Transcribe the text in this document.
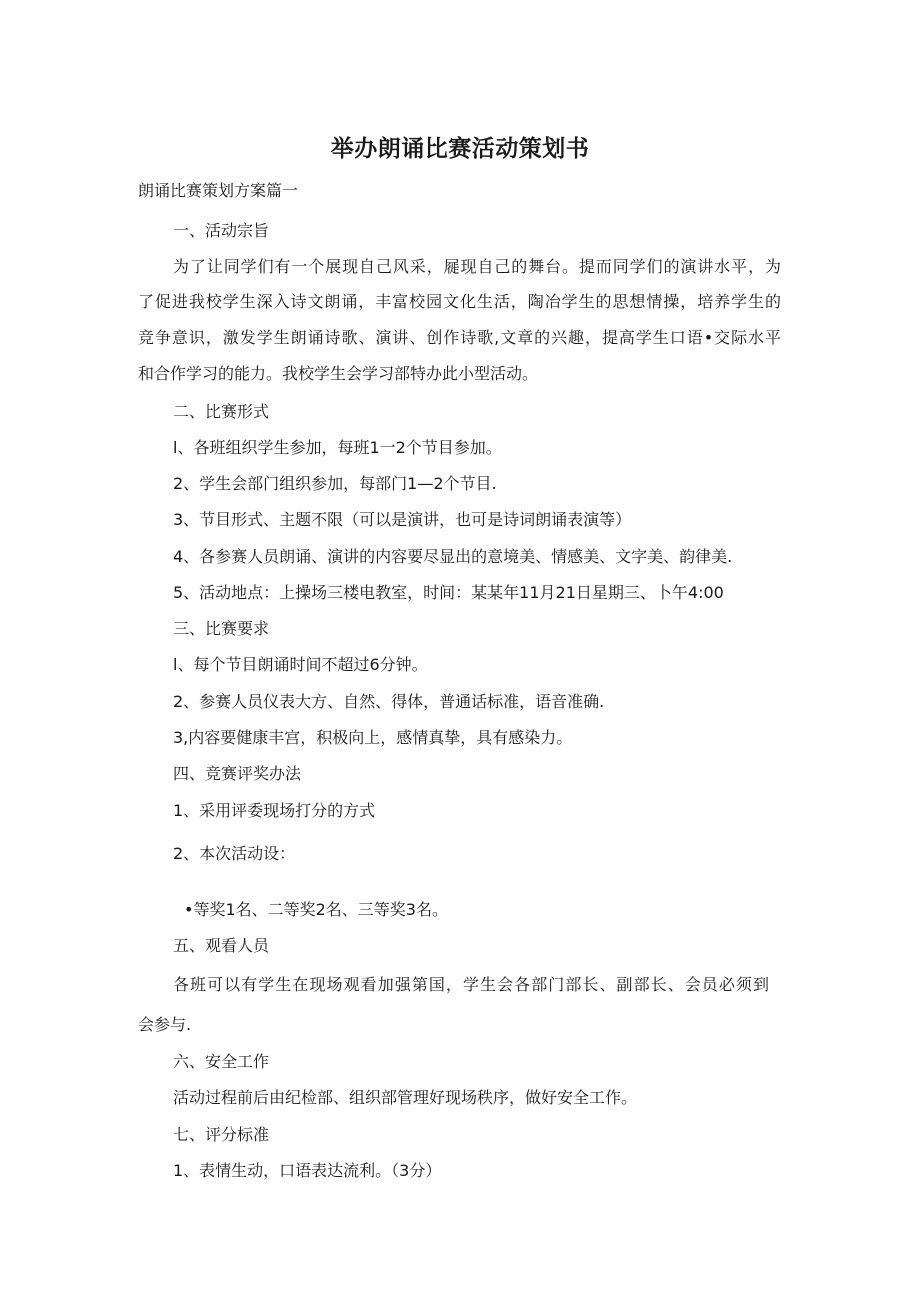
举办朗诵比赛活动策划书
朗诵比赛策划方案篇一
一、活动宗旨
为了让同学们有一个展现自己风采，屣现自己的舞台。提而同学们的演讲水平，为
了促进我校学生深入诗文朗诵，丰富校园文化生活，陶冶学生的思想情操，培养学生的
竞争意识，激发学生朗诵诗歌、演讲、创作诗歌,文章的兴趣，提高学生口语•交际水平
和合作学习的能力。我校学生会学习部特办此小型活动。
二、比赛形式
l、各班组织学生参加，每班1一2个节目参加。
2、学生会部门组织参加，每部门1—2个节目.
3、节目形式、主题不限（可以是演讲，也可是诗词朗诵表演等）
4、各参赛人员朗诵、演讲的内容要尽显出的意境美、情感美、文字美、韵律美.
5、活动地点：上操场三楼电教室，时间：某某年11月21日星期三、卜午4:00
三、比赛要求
l、每个节目朗诵时间不超过6分钟。
2、参赛人员仪表大方、自然、得体，普通话标准，语音准确.
3,内容要健康丰宫，积极向上，感情真挚，具有感染力。
四、竞赛评奖办法
1、采用评委现场打分的方式
2、本次活动设：
•等奖1名、二等奖2名、三等奖3名。
五、观看人员
各班可以有学生在现场观看加强第国，学生会各部门部长、副部长、会员必须到
会参与.
六、安全工作
活动过程前后由纪检部、组织部管理好现场秩序，做好安全工作。
七、评分标准
1、表情生动，口语表达流利。（3分）
